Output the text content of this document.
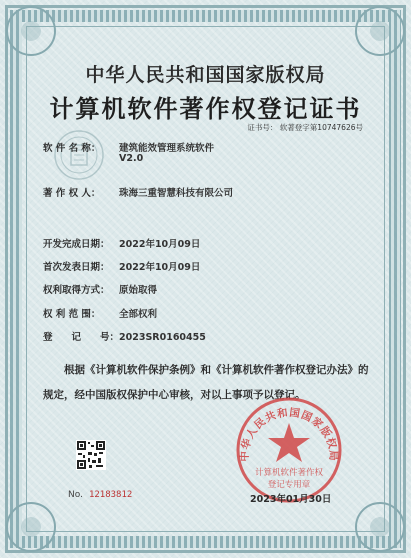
中华人民共和国国家版权局
计算机软件著作权登记证书
证书号： 软著登字第10747626号
软 件 名 称： 建筑能效管理系统软件
V2.0
著 作 权 人： 珠海三重智慧科技有限公司
开发完成日期： 2022年10月09日
首次发表日期： 2022年10月09日
权利取得方式： 原始取得
权 利 范 围： 全部权利
登　　记　　号：2023SR0160455
根据《计算机软件保护条例》和《计算机软件著作权登记办法》的
规定，经中国版权保护中心审核，对以上事项予以登记。
No. 12183812
中华人民共和国国家版权局
计算机软件著作权
登记专用章
2023年01月30日
